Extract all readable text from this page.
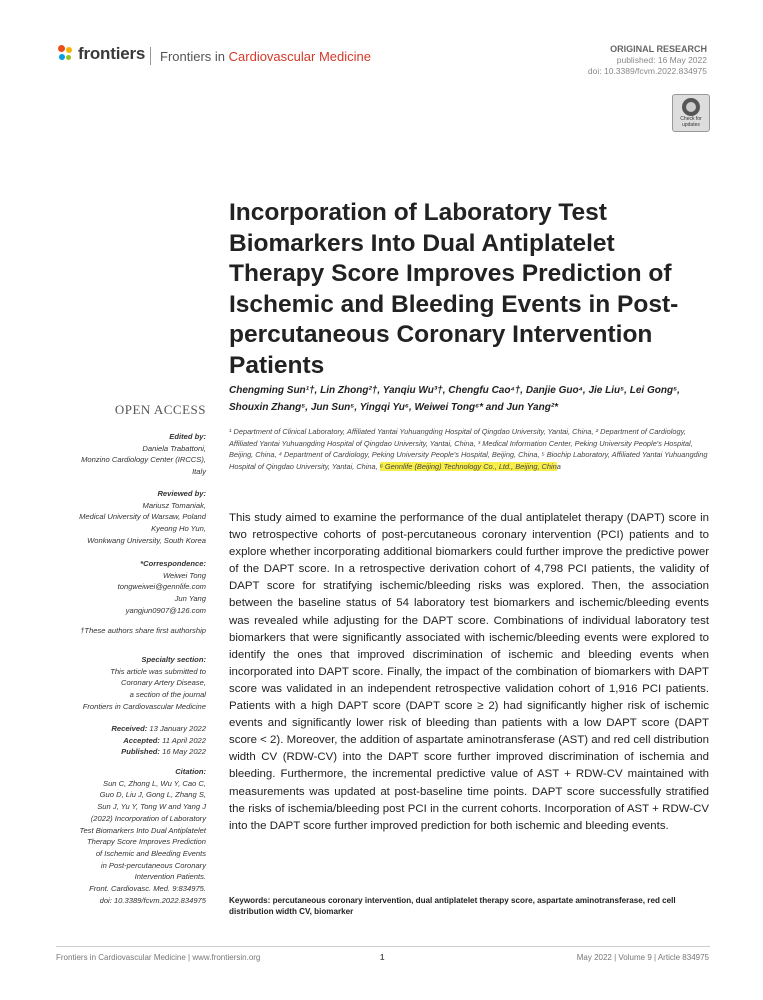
frontiers Frontiers in Cardiovascular Medicine	ORIGINAL RESEARCH
published: 16 May 2022
doi: 10.3389/fcvm.2022.834975
Check for updates
Incorporation of Laboratory Test Biomarkers Into Dual Antiplatelet Therapy Score Improves Prediction of Ischemic and Bleeding Events in Post-percutaneous Coronary Intervention Patients
Chengming Sun¹†, Lin Zhong²†, Yanqiu Wu³†, Chengfu Cao⁴†, Danjie Guo⁴, Jie Liu⁵, Lei Gong⁵, Shouxin Zhang⁵, Jun Sun⁵, Yingqi Yu⁶, Weiwei Tong⁶* and Jun Yang²*
¹ Department of Clinical Laboratory, Affiliated Yantai Yuhuangding Hospital of Qingdao University, Yantai, China, ² Department of Cardiology, Affiliated Yantai Yuhuangding Hospital of Qingdao University, Yantai, China, ³ Medical Information Center, Peking University People's Hospital, Beijing, China, ⁴ Department of Cardiology, Peking University People's Hospital, Beijing, China, ⁵ Biochip Laboratory, Affiliated Yantai Yuhuangding Hospital of Qingdao University, Yantai, China, ⁶ Gennlife (Beijing) Technology Co., Ltd., Beijing, China
OPEN ACCESS
Edited by:
Daniela Trabattoni,
Monzino Cardiology Center (IRCCS),
Italy
Reviewed by:
Mariusz Tomaniak,
Medical University of Warsaw, Poland
Kyeong Ho Yun,
Wonkwang University, South Korea
*Correspondence:
Weiwei Tong
tongweiwei@gennlife.com
Jun Yang
yangjun0907@126.com
†These authors share first authorship
Specialty section:
This article was submitted to
Coronary Artery Disease,
a section of the journal
Frontiers in Cardiovascular Medicine
Received: 13 January 2022
Accepted: 11 April 2022
Published: 16 May 2022
Citation:
Sun C, Zhong L, Wu Y, Cao C,
Guo D, Liu J, Gong L, Zhang S,
Sun J, Yu Y, Tong W and Yang J
(2022) Incorporation of Laboratory
Test Biomarkers Into Dual Antiplatelet
Therapy Score Improves Prediction
of Ischemic and Bleeding Events
in Post-percutaneous Coronary
Intervention Patients.
Front. Cardiovasc. Med. 9:834975.
doi: 10.3389/fcvm.2022.834975
This study aimed to examine the performance of the dual antiplatelet therapy (DAPT) score in two retrospective cohorts of post-percutaneous coronary intervention (PCI) patients and to explore whether incorporating additional biomarkers could further improve the predictive power of the DAPT score. In a retrospective derivation cohort of 4,798 PCI patients, the validity of DAPT score for stratifying ischemic/bleeding risks was explored. Then, the association between the baseline status of 54 laboratory test biomarkers and ischemic/bleeding events was revealed while adjusting for the DAPT score. Combinations of individual laboratory test biomarkers that were significantly associated with ischemic/bleeding events were explored to identify the ones that improved discrimination of ischemic and bleeding events when incorporated into DAPT score. Finally, the impact of the combination of biomarkers with DAPT score was validated in an independent retrospective validation cohort of 1,916 PCI patients. Patients with a high DAPT score (DAPT score ≥ 2) had significantly higher risk of ischemic events and significantly lower risk of bleeding than patients with a low DAPT score (DAPT score < 2). Moreover, the addition of aspartate aminotransferase (AST) and red cell distribution width CV (RDW-CV) into the DAPT score further improved discrimination of ischemia and bleeding. Furthermore, the incremental predictive value of AST + RDW-CV maintained with measurements was updated at post-baseline time points. DAPT score successfully stratified the risks of ischemia/bleeding post PCI in the current cohorts. Incorporation of AST + RDW-CV into the DAPT score further improved prediction for both ischemic and bleeding events.
Keywords: percutaneous coronary intervention, dual antiplatelet therapy score, aspartate aminotransferase, red cell distribution width CV, biomarker
Frontiers in Cardiovascular Medicine | www.frontiersin.org	1	May 2022 | Volume 9 | Article 834975
